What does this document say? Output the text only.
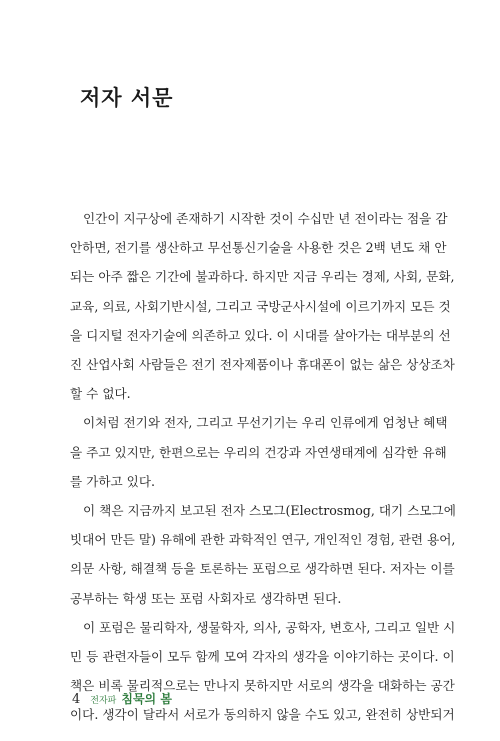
저자 서문

인간이 지구상에 존재하기 시작한 것이 수십만 년 전이라는 점을 감
안하면, 전기를 생산하고 무선통신기술을 사용한 것은 2백 년도 채 안
되는 아주 짧은 기간에 불과하다. 하지만 지금 우리는 경제, 사회, 문화,
교육, 의료, 사회기반시설, 그리고 국방군사시설에 이르기까지 모든 것
을 디지털 전자기술에 의존하고 있다. 이 시대를 살아가는 대부분의 선
진 산업사회 사람들은 전기 전자제품이나 휴대폰이 없는 삶은 상상조차
할 수 없다.

이처럼 전기와 전자, 그리고 무선기기는 우리 인류에게 엄청난 혜택
을 주고 있지만, 한편으로는 우리의 건강과 자연생태계에 심각한 유해
를 가하고 있다.

이 책은 지금까지 보고된 전자 스모그(Electrosmog, 대기 스모그에
빗대어 만든 말) 유해에 관한 과학적인 연구, 개인적인 경험, 관련 용어,
의문 사항, 해결책 등을 토론하는 포럼으로 생각하면 된다. 저자는 이를
공부하는 학생 또는 포럼 사회자로 생각하면 된다.

이 포럼은 물리학자, 생물학자, 의사, 공학자, 변호사, 그리고 일반 시
민 등 관련자들이 모두 함께 모여 각자의 생각을 이야기하는 곳이다. 이
책은 비록 물리적으로는 만나지 못하지만 서로의 생각을 대화하는 공간
이다. 생각이 달라서 서로가 동의하지 않을 수도 있고, 완전히 상반되거

4 전자파 침묵의 봄
